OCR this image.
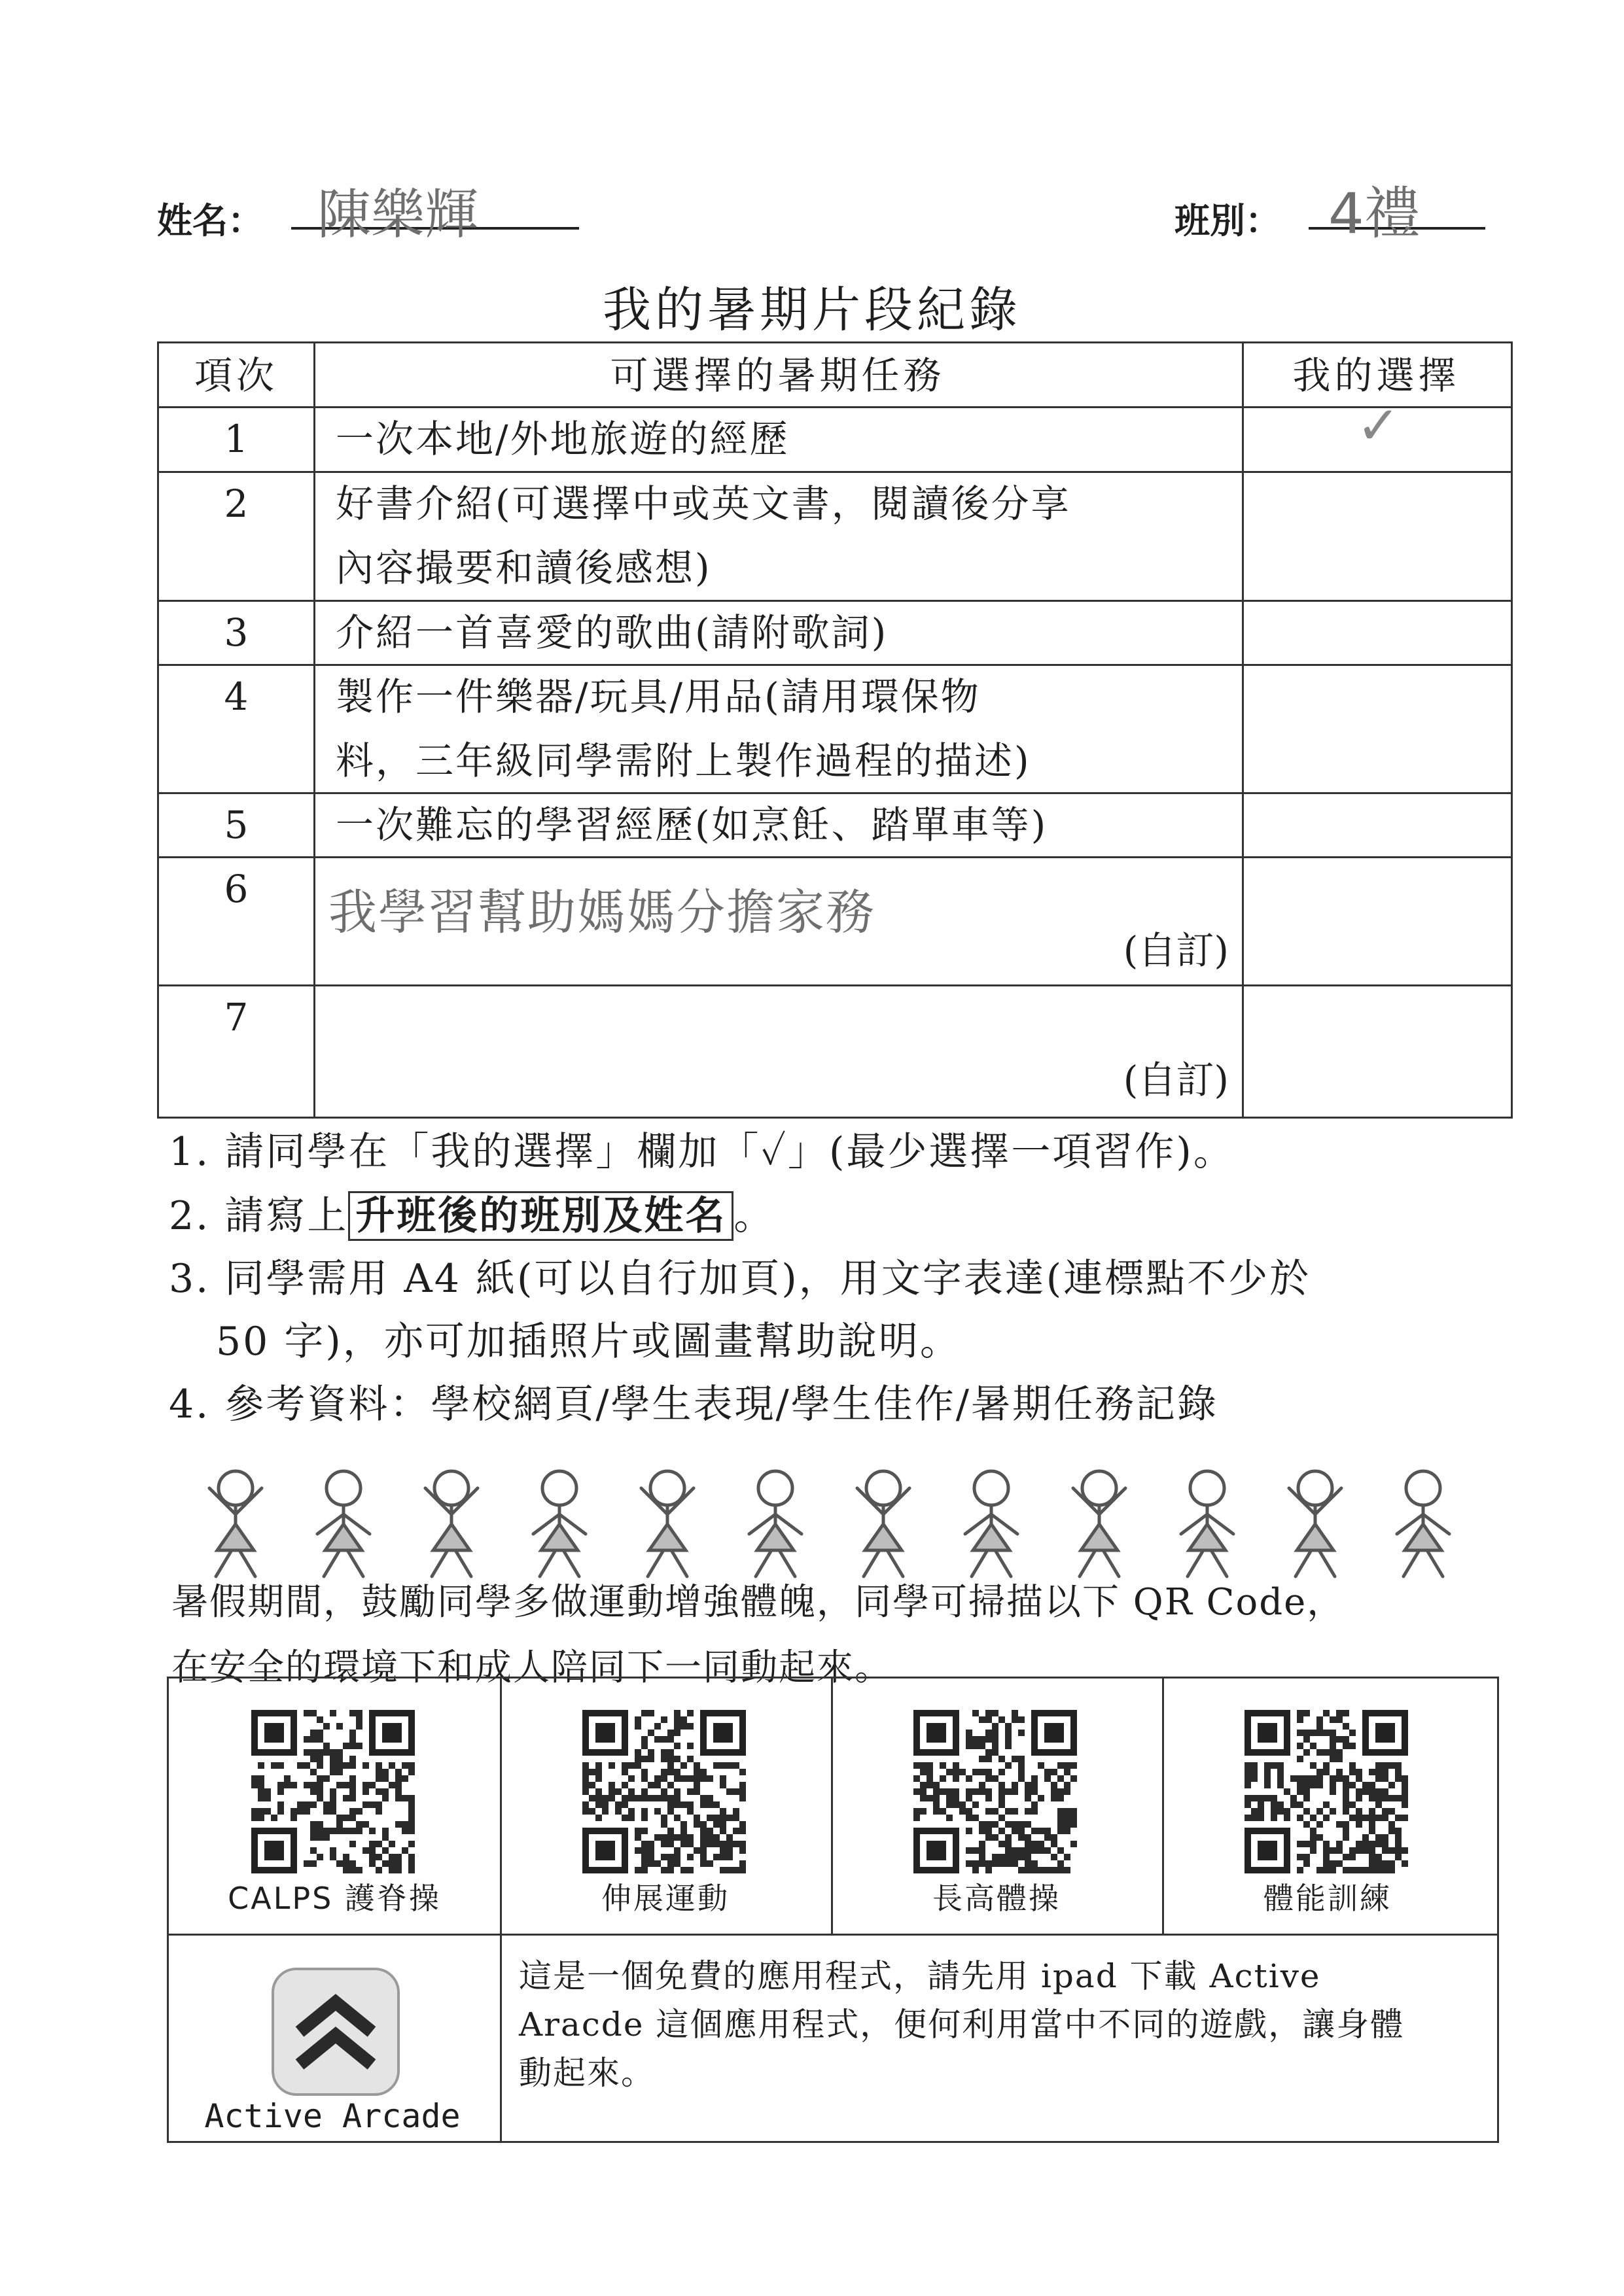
姓名： 陳樂輝	班別： 4禮
我的暑期片段紀錄
項次	可選擇的暑期任務	我的選擇
1	一次本地/外地旅遊的經歷	✓
2	好書介紹(可選擇中或英文書，閱讀後分享
內容撮要和讀後感想)
3	介紹一首喜愛的歌曲(請附歌詞)
4	製作一件樂器/玩具/用品(請用環保物
料，三年級同學需附上製作過程的描述)
5	一次難忘的學習經歷(如烹飪、踏單車等)
6	我學習幫助媽媽分擔家務
(自訂)
7
(自訂)
1. 請同學在「我的選擇」欄加「✓」(最少選擇一項習作)。
2. 請寫上 升班後的班別及姓名 。
3. 同學需用 A4 紙(可以自行加頁)，用文字表達(連標點不少於
50 字)，亦可加插照片或圖畫幫助說明。
4. 參考資料：學校網頁/學生表現/學生佳作/暑期任務記錄
暑假期間，鼓勵同學多做運動增強體魄，同學可掃描以下 QR Code，
在安全的環境下和成人陪同下一同動起來。
CALPS 護脊操	伸展運動	長高體操	體能訓練
Active Arcade
這是一個免費的應用程式，請先用 ipad 下載 Active
Aracde 這個應用程式，便何利用當中不同的遊戲，讓身體
動起來。
